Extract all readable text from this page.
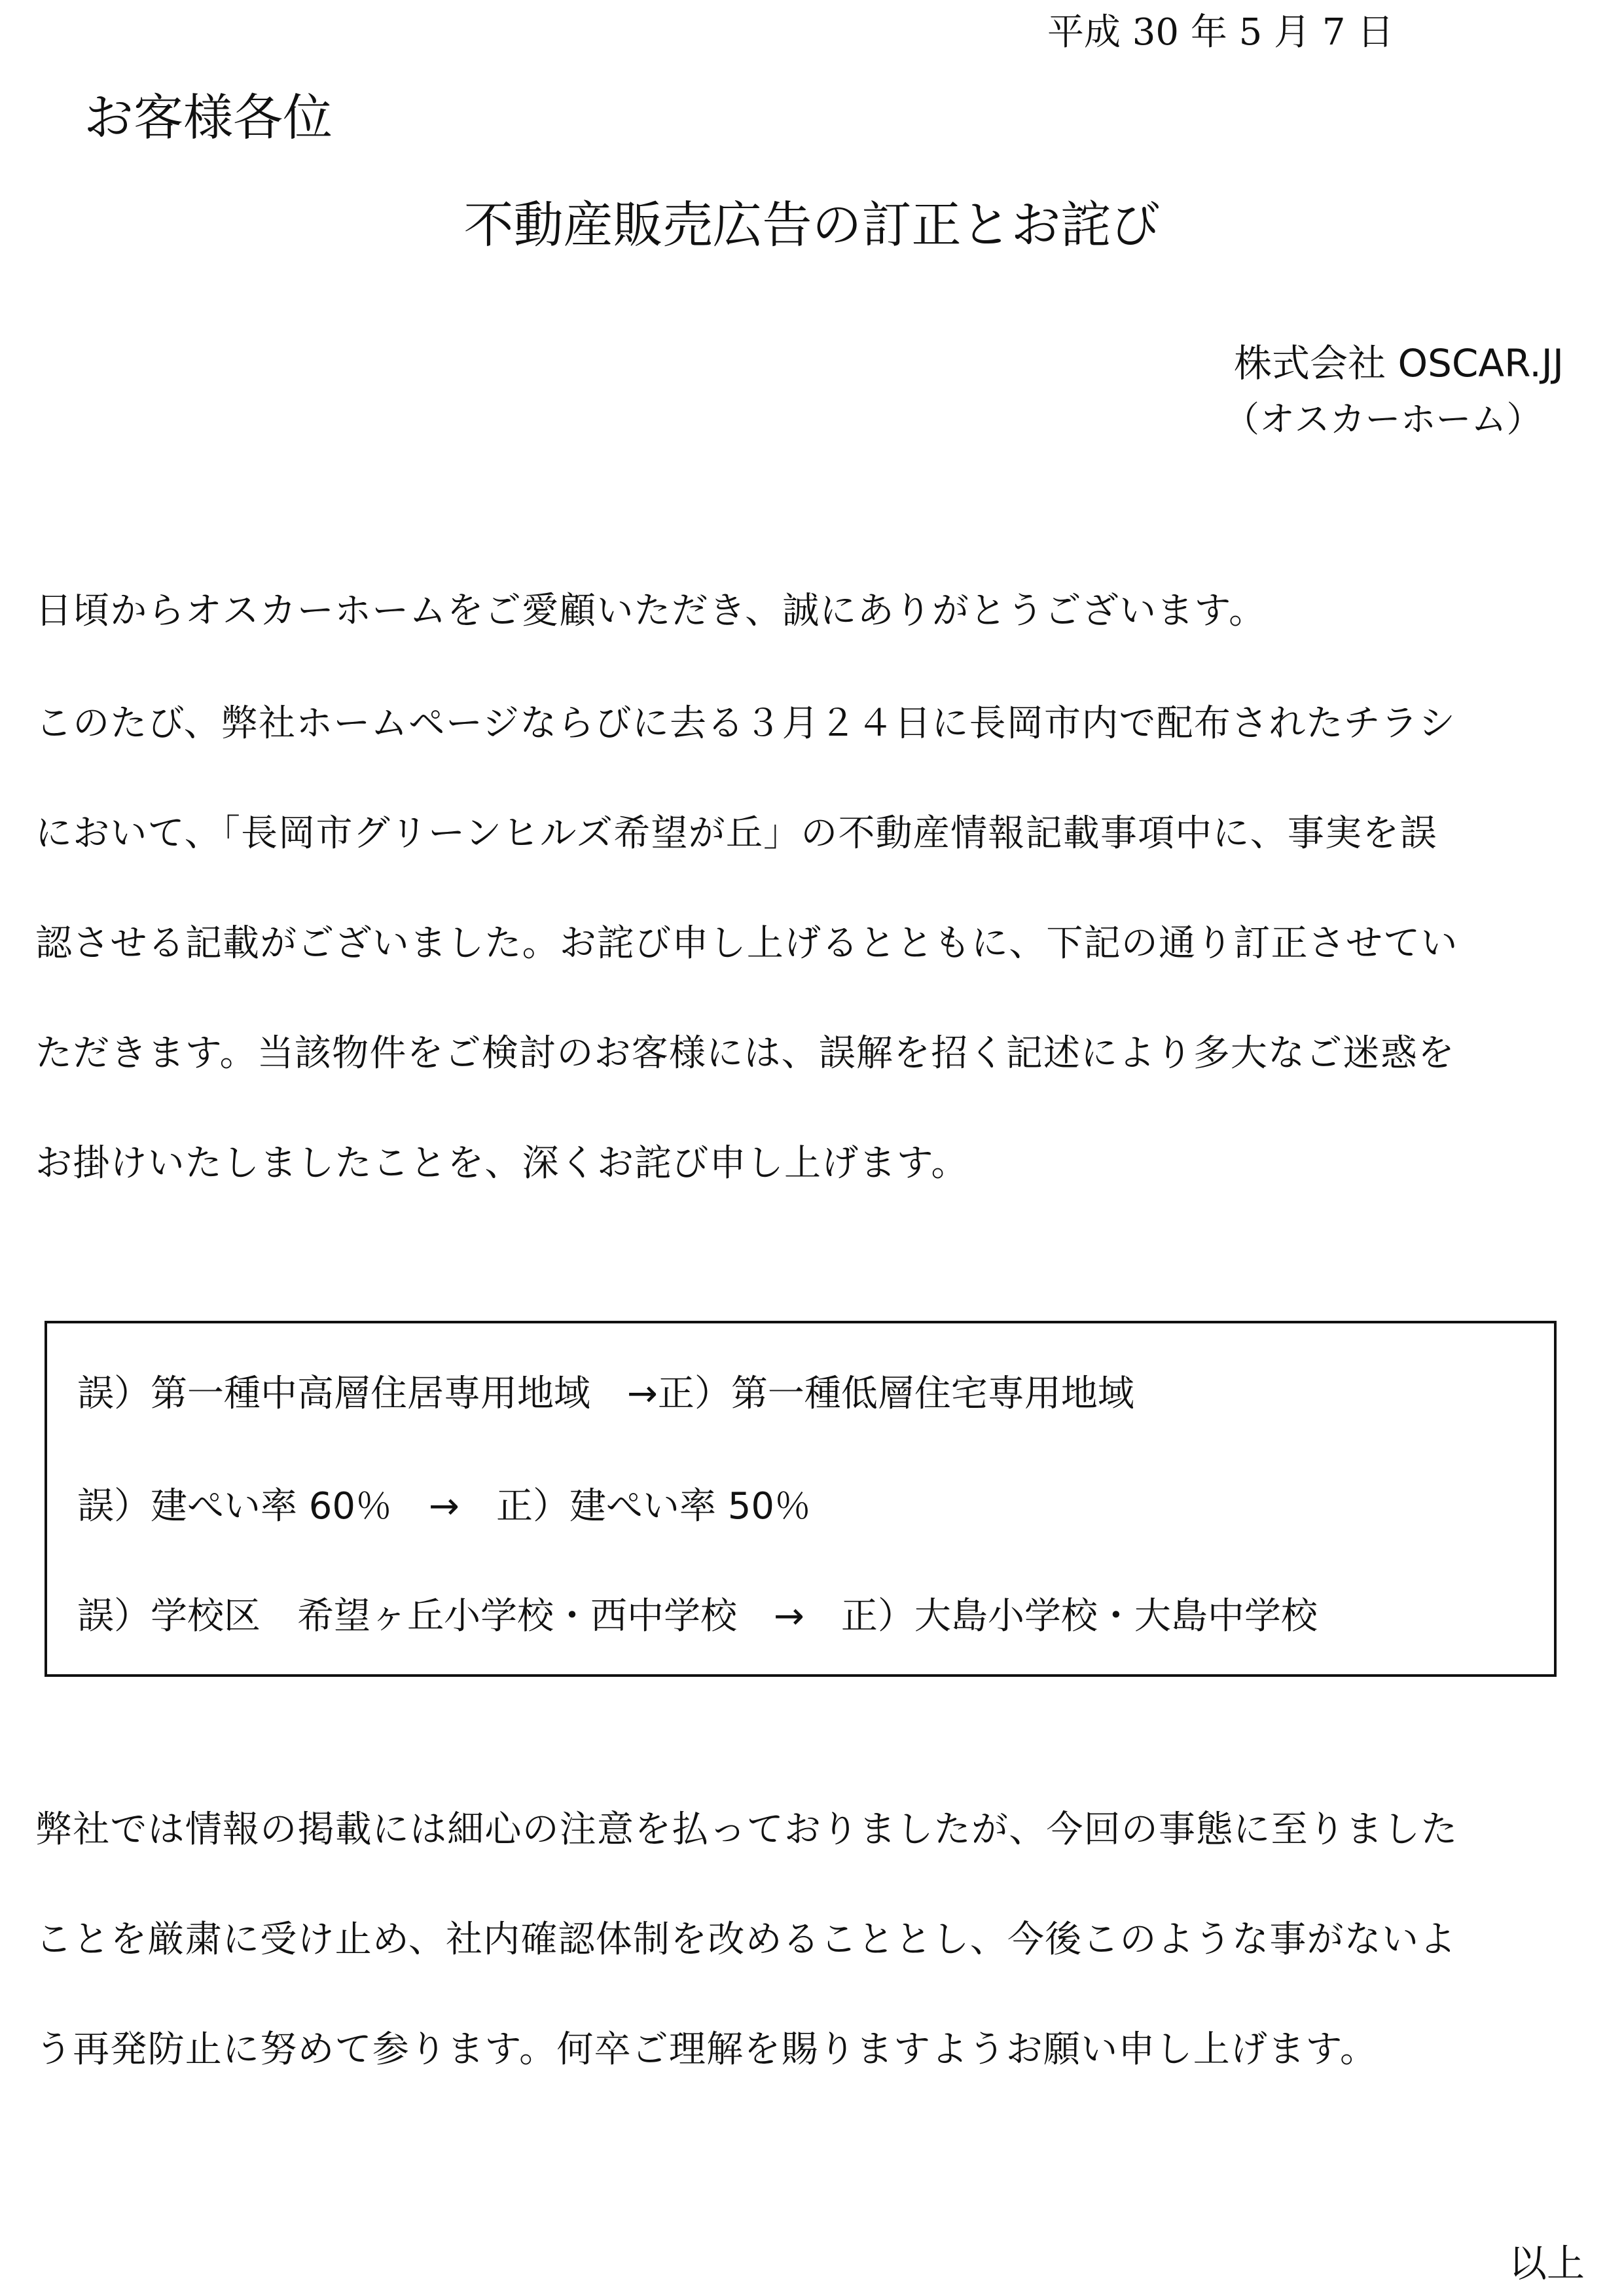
平成 30 年 5 月 7 日
お客様各位
不動産販売広告の訂正とお詫び
株式会社 OSCAR.JJ
（オスカーホーム）
日頃からオスカーホームをご愛顧いただき、誠にありがとうございます。
このたび、弊社ホームページならびに去る３月２４日に長岡市内で配布されたチラシ
において、「長岡市グリーンヒルズ希望が丘」の不動産情報記載事項中に、事実を誤
認させる記載がございました。お詫び申し上げるとともに、下記の通り訂正させてい
ただきます。当該物件をご検討のお客様には、誤解を招く記述により多大なご迷惑を
お掛けいたしましたことを、深くお詫び申し上げます。
誤）第一種中高層住居専用地域　→正）第一種低層住宅専用地域
誤）建ぺい率 60％　→　正）建ぺい率 50％
誤）学校区　希望ヶ丘小学校・西中学校　→　正）大島小学校・大島中学校
弊社では情報の掲載には細心の注意を払っておりましたが、今回の事態に至りました
ことを厳粛に受け止め、社内確認体制を改めることとし、今後このような事がないよ
う再発防止に努めて参ります。何卒ご理解を賜りますようお願い申し上げます。
以上
